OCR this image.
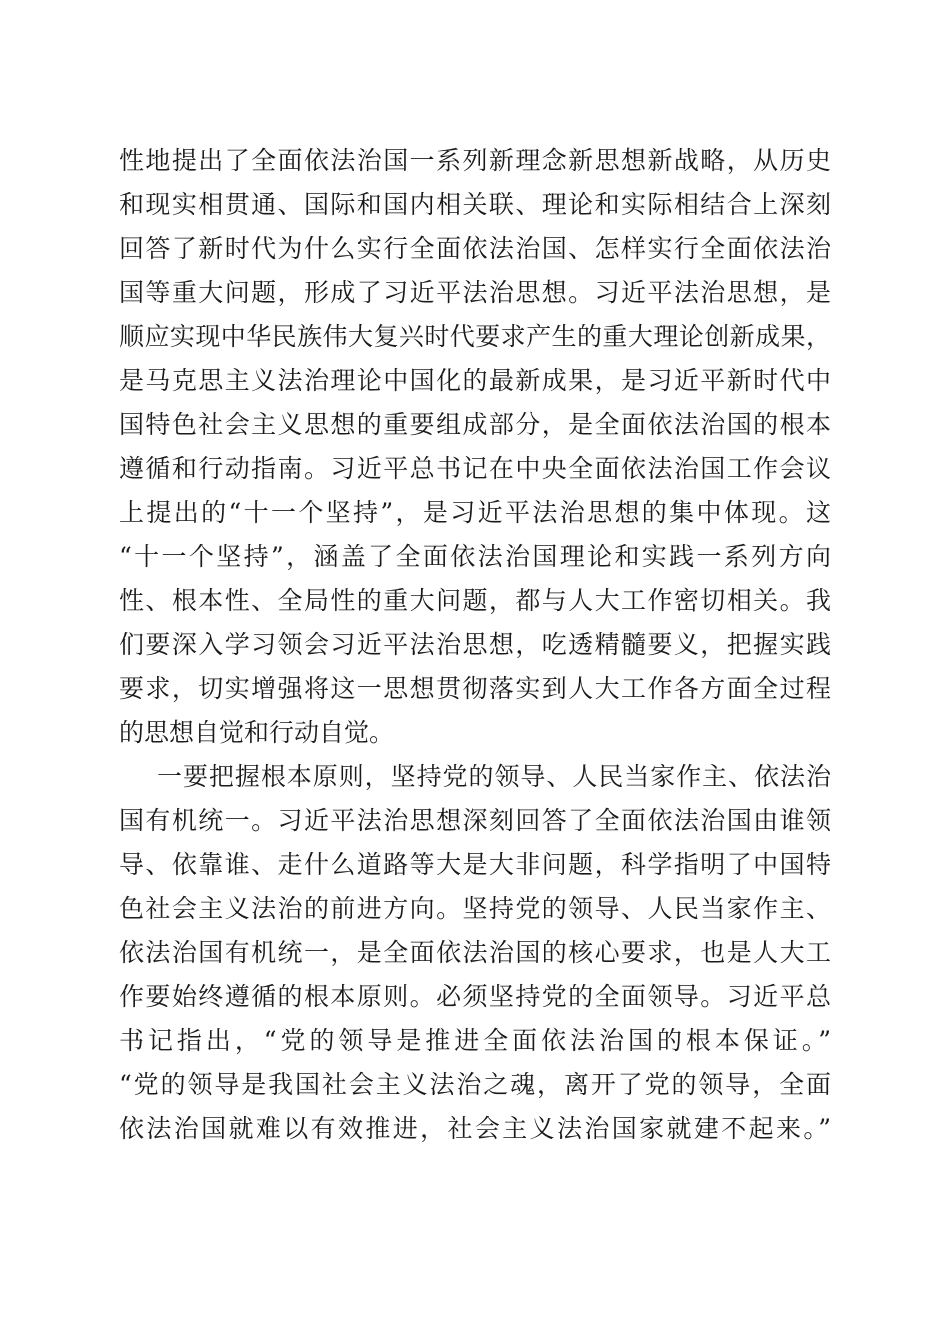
性地提出了全面依法治国一系列新理念新思想新战略，从历史
和现实相贯通、国际和国内相关联、理论和实际相结合上深刻
回答了新时代为什么实行全面依法治国、怎样实行全面依法治
国等重大问题，形成了习近平法治思想。习近平法治思想，是
顺应实现中华民族伟大复兴时代要求产生的重大理论创新成果，
是马克思主义法治理论中国化的最新成果，是习近平新时代中
国特色社会主义思想的重要组成部分，是全面依法治国的根本
遵循和行动指南。习近平总书记在中央全面依法治国工作会议
上提出的“十一个坚持”，是习近平法治思想的集中体现。这
“十一个坚持”，涵盖了全面依法治国理论和实践一系列方向
性、根本性、全局性的重大问题，都与人大工作密切相关。我
们要深入学习领会习近平法治思想，吃透精髓要义，把握实践
要求，切实增强将这一思想贯彻落实到人大工作各方面全过程
的思想自觉和行动自觉。
一要把握根本原则，坚持党的领导、人民当家作主、依法治
国有机统一。习近平法治思想深刻回答了全面依法治国由谁领
导、依靠谁、走什么道路等大是大非问题，科学指明了中国特
色社会主义法治的前进方向。坚持党的领导、人民当家作主、
依法治国有机统一，是全面依法治国的核心要求，也是人大工
作要始终遵循的根本原则。必须坚持党的全面领导。习近平总
书记指出，“党的领导是推进全面依法治国的根本保证。”
“党的领导是我国社会主义法治之魂，离开了党的领导，全面
依法治国就难以有效推进，社会主义法治国家就建不起来。”
